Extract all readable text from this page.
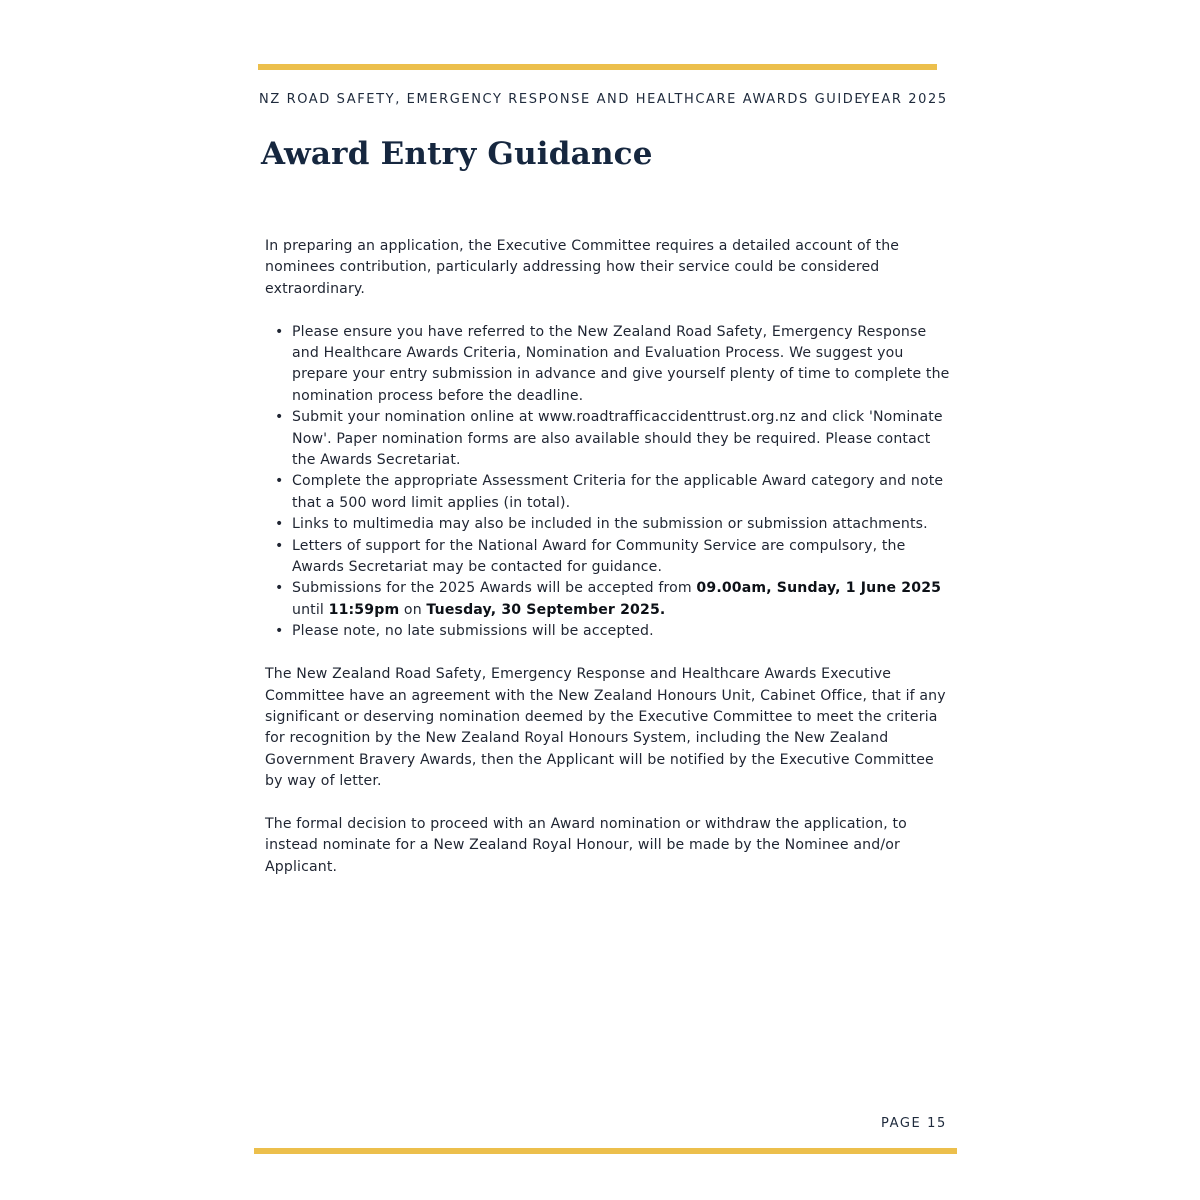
NZ ROAD SAFETY, EMERGENCY RESPONSE AND HEALTHCARE AWARDS GUIDE
YEAR 2025
Award Entry Guidance

In preparing an application, the Executive Committee requires a detailed account of the nominees contribution, particularly addressing how their service could be considered extraordinary.

• Please ensure you have referred to the New Zealand Road Safety, Emergency Response and Healthcare Awards Criteria, Nomination and Evaluation Process. We suggest you prepare your entry submission in advance and give yourself plenty of time to complete the nomination process before the deadline.
• Submit your nomination online at www.roadtrafficaccidenttrust.org.nz and click 'Nominate Now'. Paper nomination forms are also available should they be required. Please contact the Awards Secretariat.
• Complete the appropriate Assessment Criteria for the applicable Award category and note that a 500 word limit applies (in total).
• Links to multimedia may also be included in the submission or submission attachments.
• Letters of support for the National Award for Community Service are compulsory, the Awards Secretariat may be contacted for guidance.
• Submissions for the 2025 Awards will be accepted from 09.00am, Sunday, 1 June 2025 until 11:59pm on Tuesday, 30 September 2025.
• Please note, no late submissions will be accepted.

The New Zealand Road Safety, Emergency Response and Healthcare Awards Executive Committee have an agreement with the New Zealand Honours Unit, Cabinet Office, that if any significant or deserving nomination deemed by the Executive Committee to meet the criteria for recognition by the New Zealand Royal Honours System, including the New Zealand Government Bravery Awards, then the Applicant will be notified by the Executive Committee by way of letter.

The formal decision to proceed with an Award nomination or withdraw the application, to instead nominate for a New Zealand Royal Honour, will be made by the Nominee and/or Applicant.

PAGE 15
